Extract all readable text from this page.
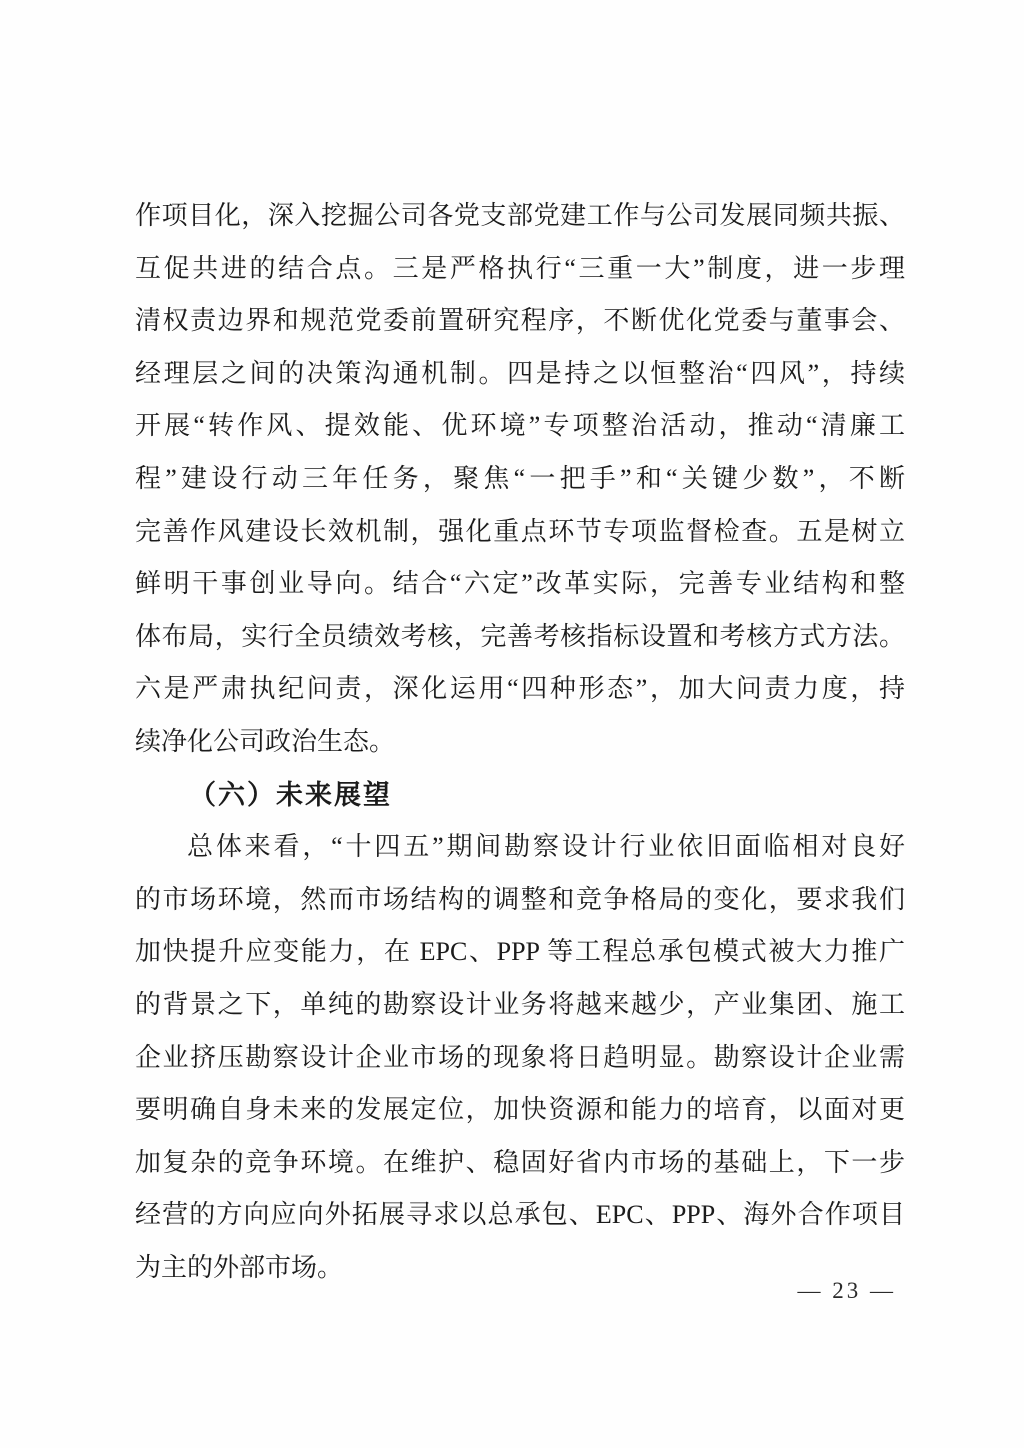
作项目化，深入挖掘公司各党支部党建工作与公司发展同频共振、
互促共进的结合点。三是严格执行“三重一大”制度，进一步理
清权责边界和规范党委前置研究程序，不断优化党委与董事会、
经理层之间的决策沟通机制。四是持之以恒整治“四风”，持续
开展“转作风、提效能、优环境”专项整治活动，推动“清廉工
程”建设行动三年任务，聚焦“一把手”和“关键少数”，不断
完善作风建设长效机制，强化重点环节专项监督检查。五是树立
鲜明干事创业导向。结合“六定”改革实际，完善专业结构和整
体布局，实行全员绩效考核，完善考核指标设置和考核方式方法。
六是严肃执纪问责，深化运用“四种形态”，加大问责力度，持
续净化公司政治生态。
（六）未来展望
总体来看，“十四五”期间勘察设计行业依旧面临相对良好
的市场环境，然而市场结构的调整和竞争格局的变化，要求我们
加快提升应变能力，在 EPC、PPP 等工程总承包模式被大力推广
的背景之下，单纯的勘察设计业务将越来越少，产业集团、施工
企业挤压勘察设计企业市场的现象将日趋明显。勘察设计企业需
要明确自身未来的发展定位，加快资源和能力的培育，以面对更
加复杂的竞争环境。在维护、稳固好省内市场的基础上，下一步
经营的方向应向外拓展寻求以总承包、EPC、PPP、海外合作项目
为主的外部市场。
— 23 —
